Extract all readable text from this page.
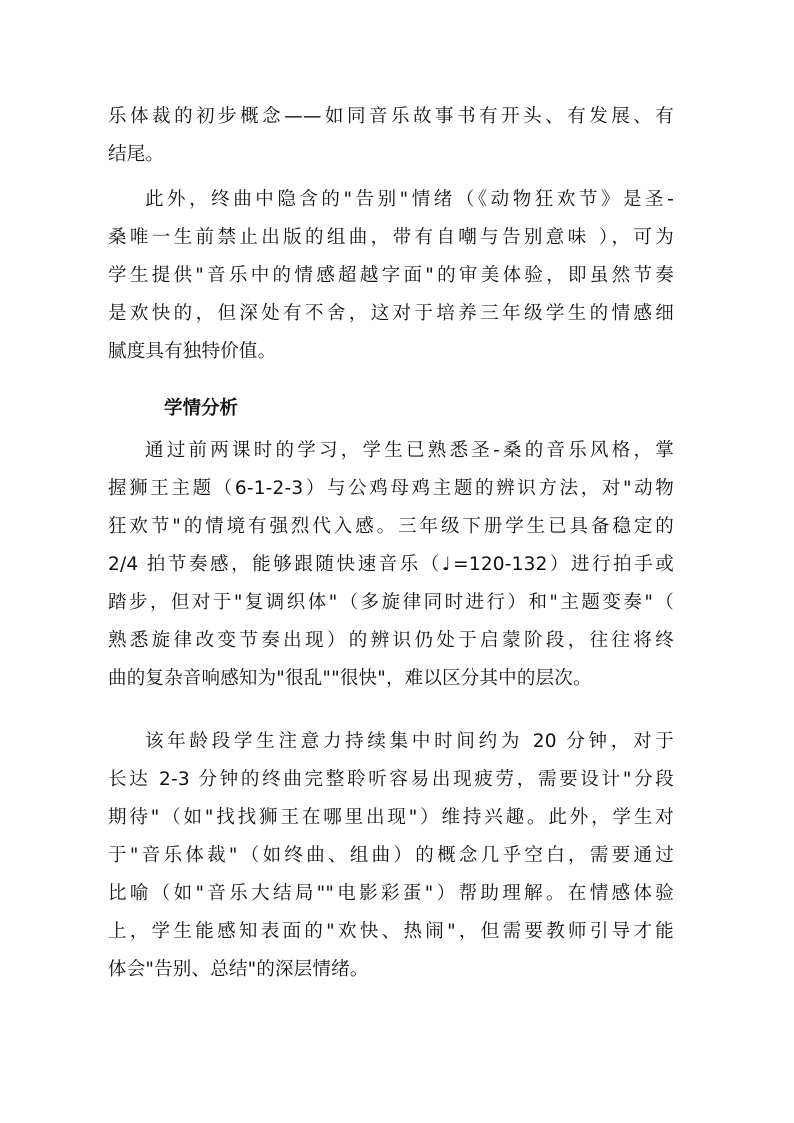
乐体裁的初步概念——如同音乐故事书有开头、有发展、有
结尾。
此外，终曲中隐含的"告别"情绪（《动物狂欢节》是圣-
桑唯一生前禁止出版的组曲，带有自嘲与告别意味 ），可为
学生提供"音乐中的情感超越字面"的审美体验，即虽然节奏
是欢快的，但深处有不舍，这对于培养三年级学生的情感细
腻度具有独特价值。
学情分析
通过前两课时的学习，学生已熟悉圣-桑的音乐风格，掌
握狮王主题（6-1-2-3）与公鸡母鸡主题的辨识方法，对"动物
狂欢节"的情境有强烈代入感。三年级下册学生已具备稳定的
2/4 拍节奏感，能够跟随快速音乐（♩=120-132）进行拍手或
踏步，但对于"复调织体"（多旋律同时进行）和"主题变奏"（
熟悉旋律改变节奏出现）的辨识仍处于启蒙阶段，往往将终
曲的复杂音响感知为"很乱""很快"，难以区分其中的层次。
该年龄段学生注意力持续集中时间约为 20 分钟，对于
长达 2-3 分钟的终曲完整聆听容易出现疲劳，需要设计"分段
期待"（如"找找狮王在哪里出现"）维持兴趣。此外，学生对
于"音乐体裁"（如终曲、组曲）的概念几乎空白，需要通过
比喻（如"音乐大结局""电影彩蛋"）帮助理解。在情感体验
上，学生能感知表面的"欢快、热闹"，但需要教师引导才能
体会"告别、总结"的深层情绪。
